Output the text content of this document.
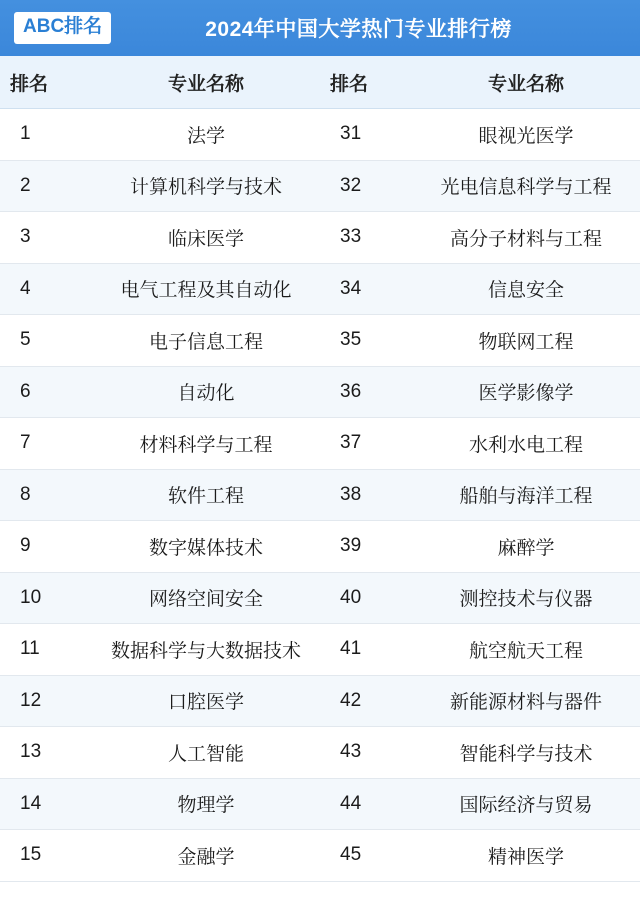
ABC排名	2024年中国大学热门专业排行榜
排名	专业名称	排名	专业名称
1	法学	31	眼视光医学
2	计算机科学与技术	32	光电信息科学与工程
3	临床医学	33	高分子材料与工程
4	电气工程及其自动化	34	信息安全
5	电子信息工程	35	物联网工程
6	自动化	36	医学影像学
7	材料科学与工程	37	水利水电工程
8	软件工程	38	船舶与海洋工程
9	数字媒体技术	39	麻醉学
10	网络空间安全	40	测控技术与仪器
11	数据科学与大数据技术	41	航空航天工程
12	口腔医学	42	新能源材料与器件
13	人工智能	43	智能科学与技术
14	物理学	44	国际经济与贸易
15	金融学	45	精神医学
